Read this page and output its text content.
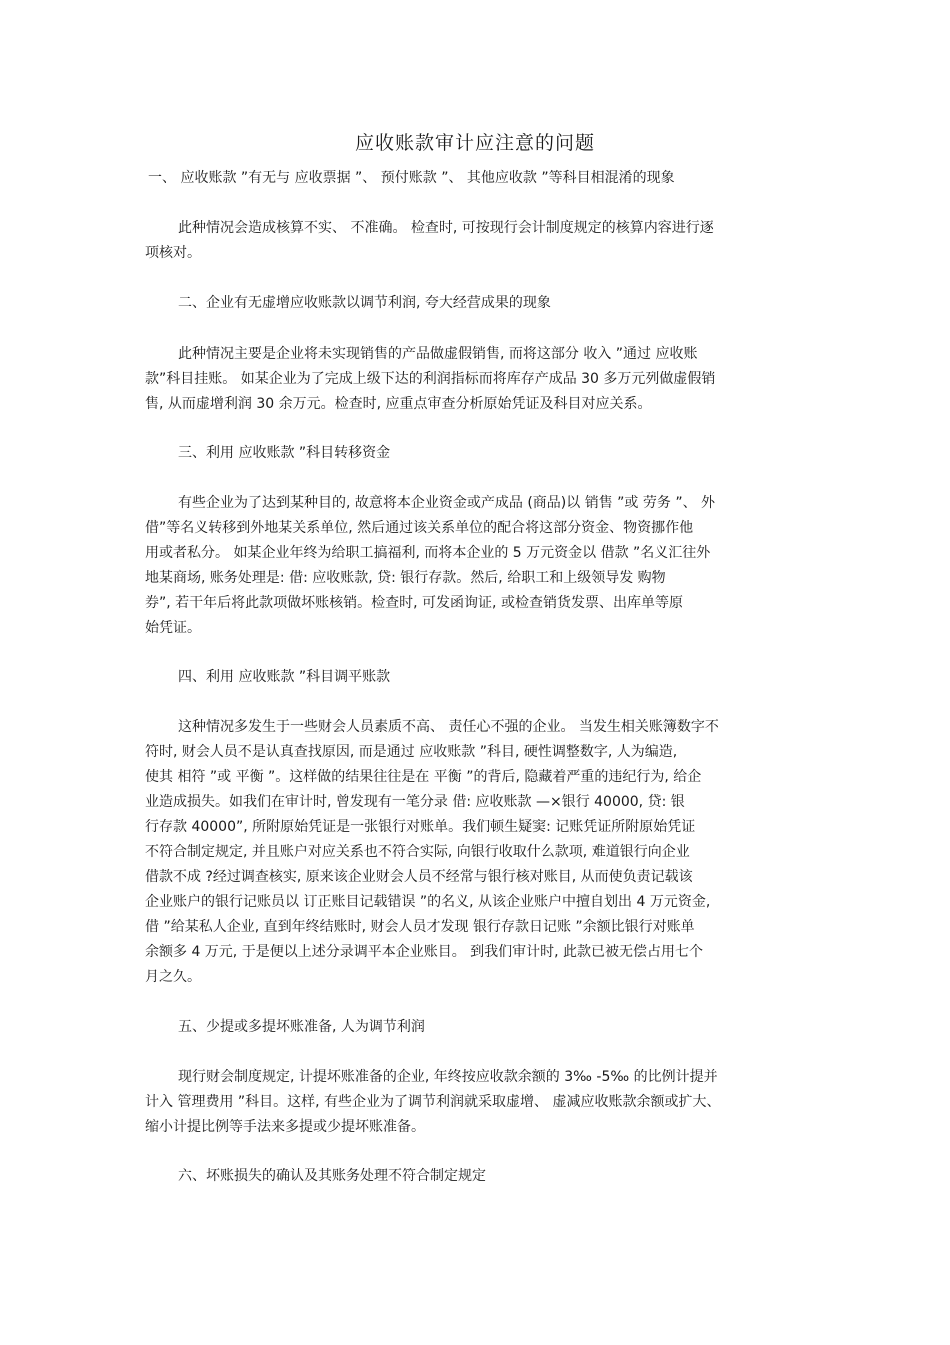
应收账款审计应注意的问题
一、 应收账款 ”有无与 应收票据 ”、 预付账款 ”、 其他应收款 ”等科目相混淆的现象
此种情况会造成核算不实、 不准确。 检查时, 可按现行会计制度规定的核算内容进行逐
项核对。
二、企业有无虚增应收账款以调节利润, 夸大经营成果的现象
此种情况主要是企业将未实现销售的产品做虚假销售, 而将这部分 收入 ”通过 应收账
款”科目挂账。 如某企业为了完成上级下达的利润指标而将库存产成品 30 多万元列做虚假销
售, 从而虚增利润 30 余万元。检查时, 应重点审查分析原始凭证及科目对应关系。
三、利用 应收账款 ”科目转移资金
有些企业为了达到某种目的, 故意将本企业资金或产成品 (商品)以 销售 ”或 劳务 ”、 外
借”等名义转移到外地某关系单位, 然后通过该关系单位的配合将这部分资金、物资挪作他
用或者私分。 如某企业年终为给职工搞福利, 而将本企业的 5 万元资金以 借款 ”名义汇往外
地某商场, 账务处理是: 借: 应收账款, 贷: 银行存款。然后, 给职工和上级领导发 购物
券”, 若干年后将此款项做坏账核销。检查时, 可发函询证, 或检查销货发票、出库单等原
始凭证。
四、利用 应收账款 ”科目调平账款
这种情况多发生于一些财会人员素质不高、 责任心不强的企业。 当发生相关账簿数字不
符时, 财会人员不是认真查找原因, 而是通过 应收账款 ”科目, 硬性调整数字, 人为编造,
使其 相符 ”或 平衡 ”。这样做的结果往往是在 平衡 ”的背后, 隐藏着严重的违纪行为, 给企
业造成损失。如我们在审计时, 曾发现有一笔分录 借: 应收账款 —×银行 40000, 贷: 银
行存款 40000”, 所附原始凭证是一张银行对账单。我们顿生疑窦: 记账凭证所附原始凭证
不符合制定规定, 并且账户对应关系也不符合实际, 向银行收取什么款项, 难道银行向企业
借款不成 ?经过调查核实, 原来该企业财会人员不经常与银行核对账目, 从而使负责记载该
企业账户的银行记账员以 订正账目记载错误 ”的名义, 从该企业账户中擅自划出 4 万元资金,
借 ”给某私人企业, 直到年终结账时, 财会人员才发现 银行存款日记账 ”余额比银行对账单
余额多 4 万元, 于是便以上述分录调平本企业账目。 到我们审计时, 此款已被无偿占用七个
月之久。
五、少提或多提坏账准备, 人为调节利润
现行财会制度规定, 计提坏账准备的企业, 年终按应收款余额的 3‰ -5‰ 的比例计提并
计入 管理费用 ”科目。这样, 有些企业为了调节利润就采取虚增、 虚减应收账款余额或扩大、
缩小计提比例等手法来多提或少提坏账准备。
六、坏账损失的确认及其账务处理不符合制定规定
